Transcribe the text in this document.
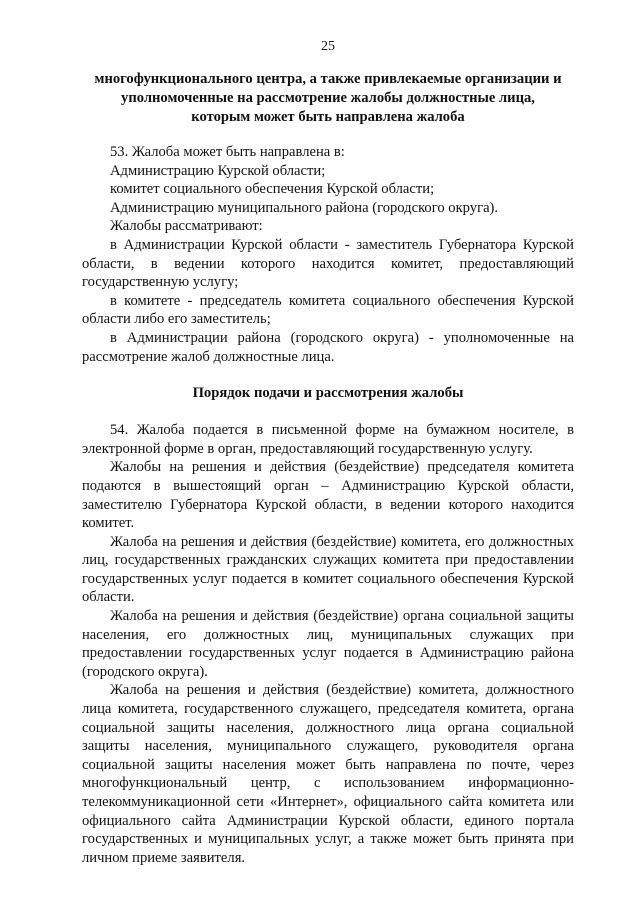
25
многофункционального центра, а также привлекаемые организации и
уполномоченные на рассмотрение жалобы должностные лица,
которым может быть направлена жалоба

53. Жалоба может быть направлена в:

Администрацию Курской области;

комитет социального обеспечения Курской области;

Администрацию муниципального района (городского округа).

Жалобы рассматривают:

в Администрации Курской области - заместитель Губернатора Курской области, в ведении которого находится комитет, предоставляющий государственную услугу;

в комитете - председатель комитета социального обеспечения Курской области либо его заместитель;

в Администрации района (городского округа) - уполномоченные на рассмотрение жалоб должностные лица.

Порядок подачи и рассмотрения жалобы

54. Жалоба подается в письменной форме на бумажном носителе, в электронной форме в орган, предоставляющий государственную услугу.

Жалобы на решения и действия (бездействие) председателя комитета подаются в вышестоящий орган – Администрацию Курской области, заместителю Губернатора Курской области, в ведении которого находится комитет.

Жалоба на решения и действия (бездействие) комитета, его должностных лиц, государственных гражданских служащих комитета при предоставлении государственных услуг подается в комитет социального обеспечения Курской области.

Жалоба на решения и действия (бездействие) органа социальной защиты населения, его должностных лиц, муниципальных служащих при предоставлении государственных услуг подается в Администрацию района (городского округа).

Жалоба на решения и действия (бездействие) комитета, должностного лица комитета, государственного служащего, председателя комитета, органа социальной защиты населения, должностного лица органа социальной защиты населения, муниципального служащего, руководителя органа социальной защиты населения может быть направлена по почте, через многофункциональный центр, с использованием информационно-телекоммуникационной сети «Интернет», официального сайта комитета или официального сайта Администрации Курской области, единого портала государственных и муниципальных услуг, а также может быть принята при личном приеме заявителя.
